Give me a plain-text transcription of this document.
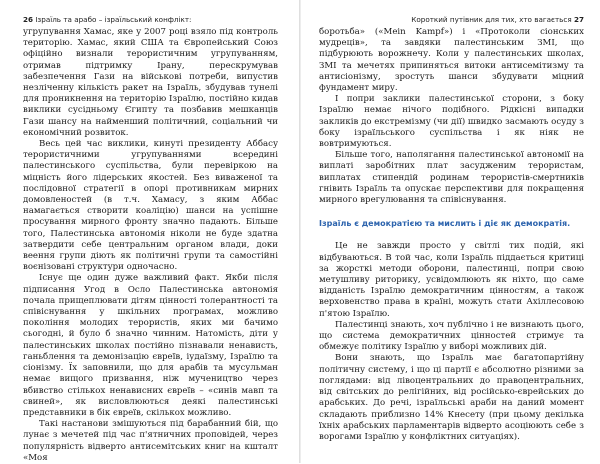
26 Ізраїль та арабо – ізраїльський конфлікт:

угрупування Хамас, яке у 2007 році взяло під контроль територію. Хамас, який США та Європейський Союз офіційно визнали терористичним угрупуванням, отримав підтримку Ірану, перескрумував забезпечення Гази на військові потреби, випустив незліченну кількість ракет на Ізраїль, збудував тунелі для проникнення на територію Ізраїлю, постійно кидав виклики сусідньому Єгипту та позбавив мешканців Гази шансу на найменший політичний, соціальний чи економічний розвиток.

Весь цей час виклики, кинуті президенту Аббасу терористичними угрупуваннями всередині палестинського суспільства, були перевіркою на міцність його лідерських якостей. Без виваженої та послідовної стратегії в опорі противникам мирних домовленостей (в т.ч. Хамасу, з яким Аббас намагається створити коаліцію) шанси на успішне просування мирного фронту значно падають. Більше того, Палестинська автономія ніколи не буде здатна затвердити себе центральним органом влади, доки веення групи діють як політичні групи та самостійні воєнізовані структури одночасно.

Існує ще один дуже важливий факт. Якби після підписання Угод в Осло Палестинська автономія почала прищеплювати дітям цінності толерантності та співіснування у шкільних програмах, можливо покоління молодих терористів, яких ми бачимо сьогодні, й було б значно чинним. Натомість, діти у палестинських школах постійно пізнавали ненависть, ганьблення та демонізацію євреїв, іудаїзму, Ізраїлю та сіонізму. Їх заповнили, що для арабів та мусульман немає вищого призвання, ніж мучеництво через вбивство стількох ненависних євреїв – «синів мавп та свиней», як висловлюються деякі палестинські представники в бік євреїв, скількох можливо.

Такі настанови змішуються під барабанний бій, що лунає з мечетей під час п'ятничних проповідей, через популярність відверто антисемітських книг на кшталт «Моя

Короткий путівник для тих, хто вагається 27

боротьба» («Mein Kampf») і «Протоколи сіонських мудреців», та завдяки палестинським ЗМІ, що підбурюють ворожнечу. Коли у палестинських школах, ЗМІ та мечетях припиняться витоки антисемітизму та антисіонізму, зростуть шанси збудувати міцний фундамент миру.

І попри заклики палестинської сторони, з боку Ізраїлю немає нічого подібного. Рідкісні випадки закликів до екстремізму (чи дії) швидко засмають осуду з боку ізраїльського суспільства і як ніяк не вовтримуються.

Більше того, наполягання палестинської автономії на виплаті заробітних плат засудженим терористам, виплатах стипендій родинам терористів-смертників гнівить Ізраїль та опускає перспективи для покращення мирного врегулювання та співіснування.

Ізраїль є демократією та мислить і діє як демократія.

Це не завжди просто у світлі тих подій, які відбуваються. В той час, коли Ізраїль піддається критиці за жорсткі методи оборони, палестинці, попри свою метушливу риторику, усвідомлюють як ніхто, що саме відданість Ізраїлю демократичним цінностям, а також верховенство права в країні, можуть стати Ахіллесовою п'ятою Ізраїлю.

Палестинці знають, хоч публічно і не визнають цього, що система демократичних цінностей стримує та обмежує політику Ізраїлю у виборі можливих дій.

Вони знають, що Ізраїль має багатопартійну політичну систему, і що ці партії є абсолютно різними за поглядами: від лівоцентральних до правоцентральних, від світських до релігійних, від російсько-єврейських до арабських. До речі, ізраїльські араби на даний момент складають приблизно 14% Кнесету (при цьому декілька їхніх арабських парламентарів відверто асоціюють себе з ворогами Ізраїлю у конфліктних ситуаціях).
